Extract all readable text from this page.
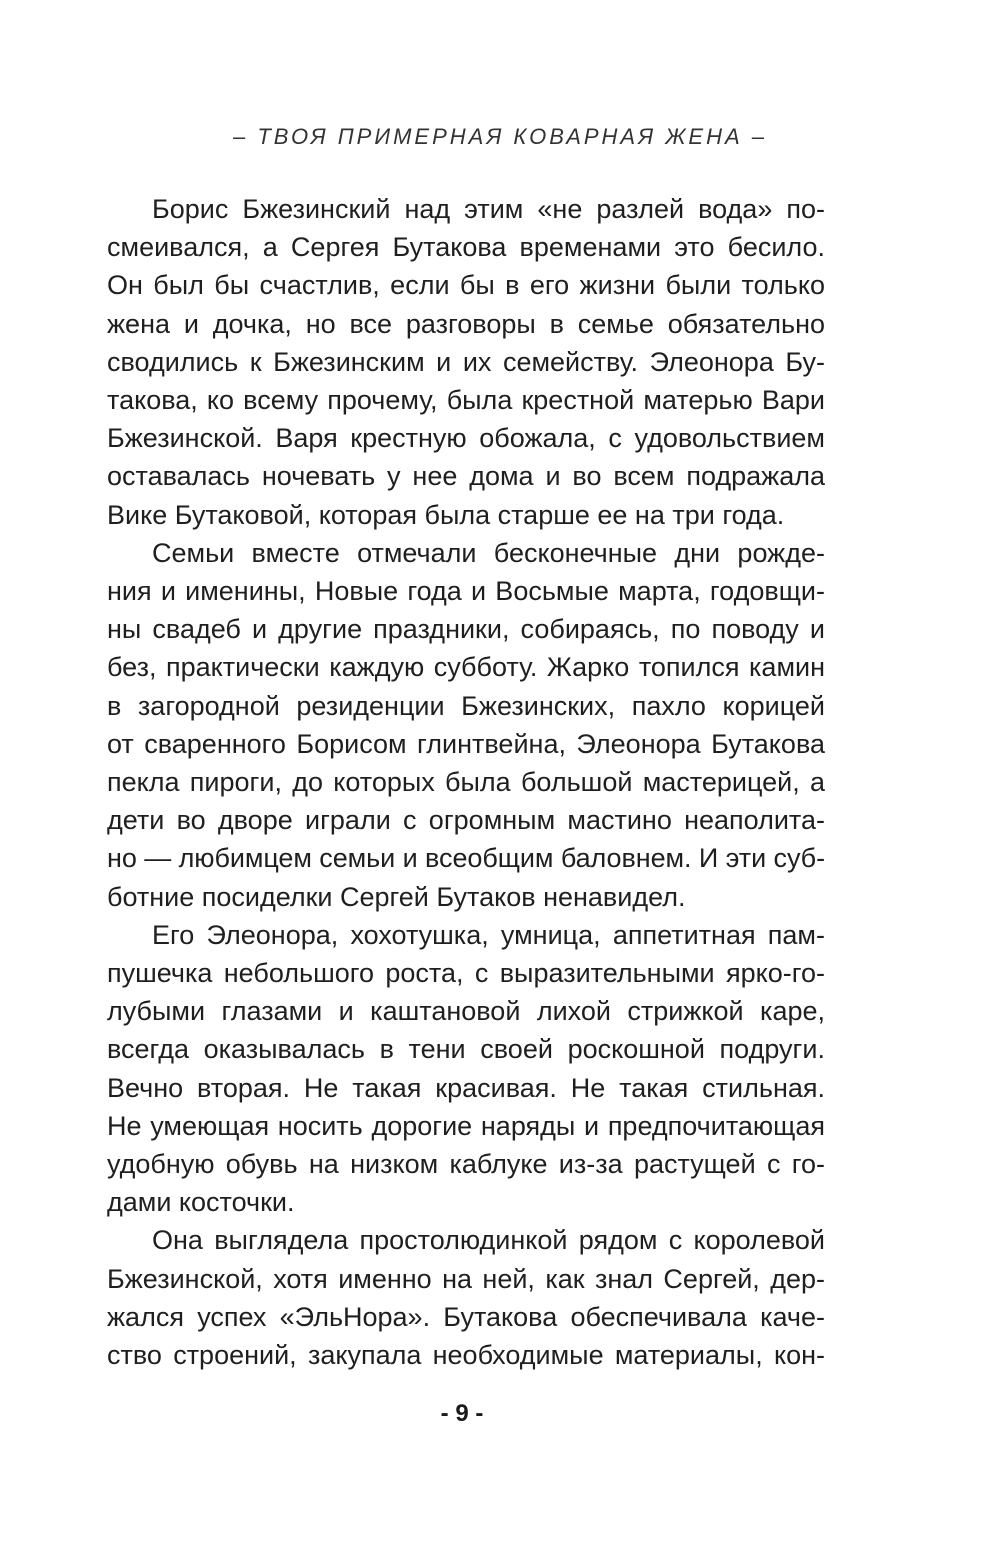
– ТВОЯ ПРИМЕРНАЯ КОВАРНАЯ ЖЕНА –
Борис Бжезинский над этим «не разлей вода» по-
смеивался, а Сергея Бутакова временами это бесило.
Он был бы счастлив, если бы в его жизни были только
жена и дочка, но все разговоры в семье обязательно
сводились к Бжезинским и их семейству. Элеонора Бу-
такова, ко всему прочему, была крестной матерью Вари
Бжезинской. Варя крестную обожала, с удовольствием
оставалась ночевать у нее дома и во всем подражала
Вике Бутаковой, которая была старше ее на три года.
Семьи вместе отмечали бесконечные дни рожде-
ния и именины, Новые года и Восьмые марта, годовщи-
ны свадеб и другие праздники, собираясь, по поводу и
без, практически каждую субботу. Жарко топился камин
в загородной резиденции Бжезинских, пахло корицей
от сваренного Борисом глинтвейна, Элеонора Бутакова
пекла пироги, до которых была большой мастерицей, а
дети во дворе играли с огромным мастино неаполита-
но — любимцем семьи и всеобщим баловнем. И эти суб-
ботние посиделки Сергей Бутаков ненавидел.
Его Элеонора, хохотушка, умница, аппетитная пам-
пушечка небольшого роста, с выразительными ярко-го-
лубыми глазами и каштановой лихой стрижкой каре,
всегда оказывалась в тени своей роскошной подруги.
Вечно вторая. Не такая красивая. Не такая стильная.
Не умеющая носить дорогие наряды и предпочитающая
удобную обувь на низком каблуке из-за растущей с го-
дами косточки.
Она выглядела простолюдинкой рядом с королевой
Бжезинской, хотя именно на ней, как знал Сергей, дер-
жался успех «ЭльНора». Бутакова обеспечивала каче-
ство строений, закупала необходимые материалы, кон-
- 9 -
